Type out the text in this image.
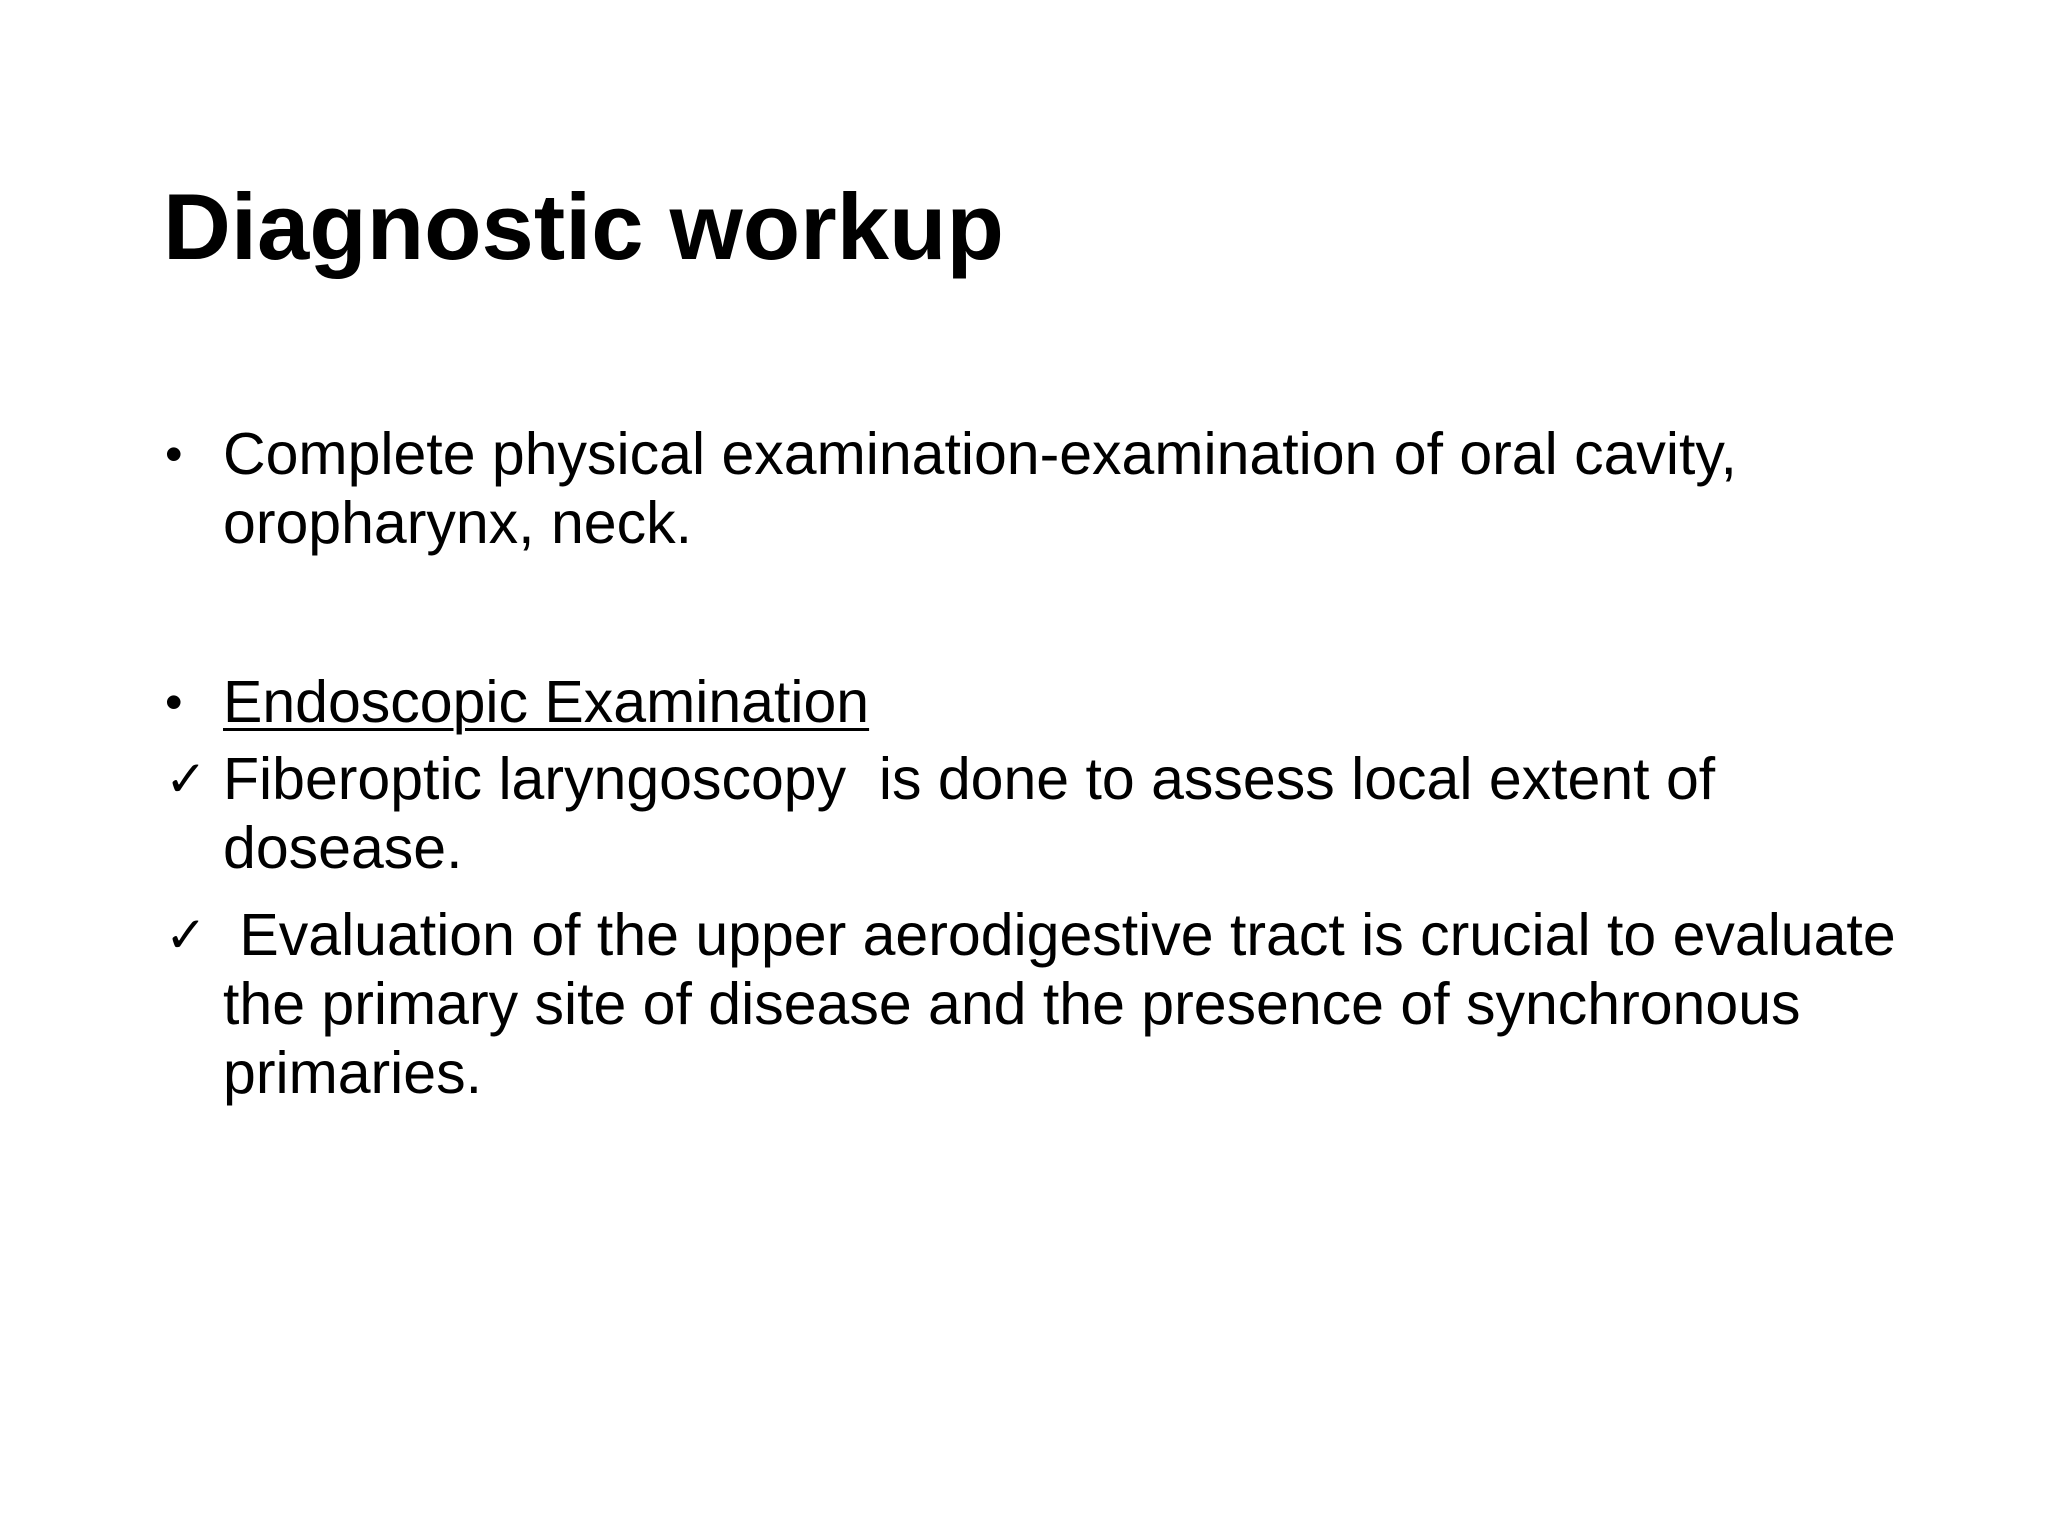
Diagnostic workup
• Complete physical examination-examination of oral cavity, oropharynx, neck.
• Endoscopic Examination
✓ Fiberoptic laryngoscopy  is done to assess local extent of dosease.
✓ Evaluation of the upper aerodigestive tract is crucial to evaluate the primary site of disease and the presence of synchronous primaries.
